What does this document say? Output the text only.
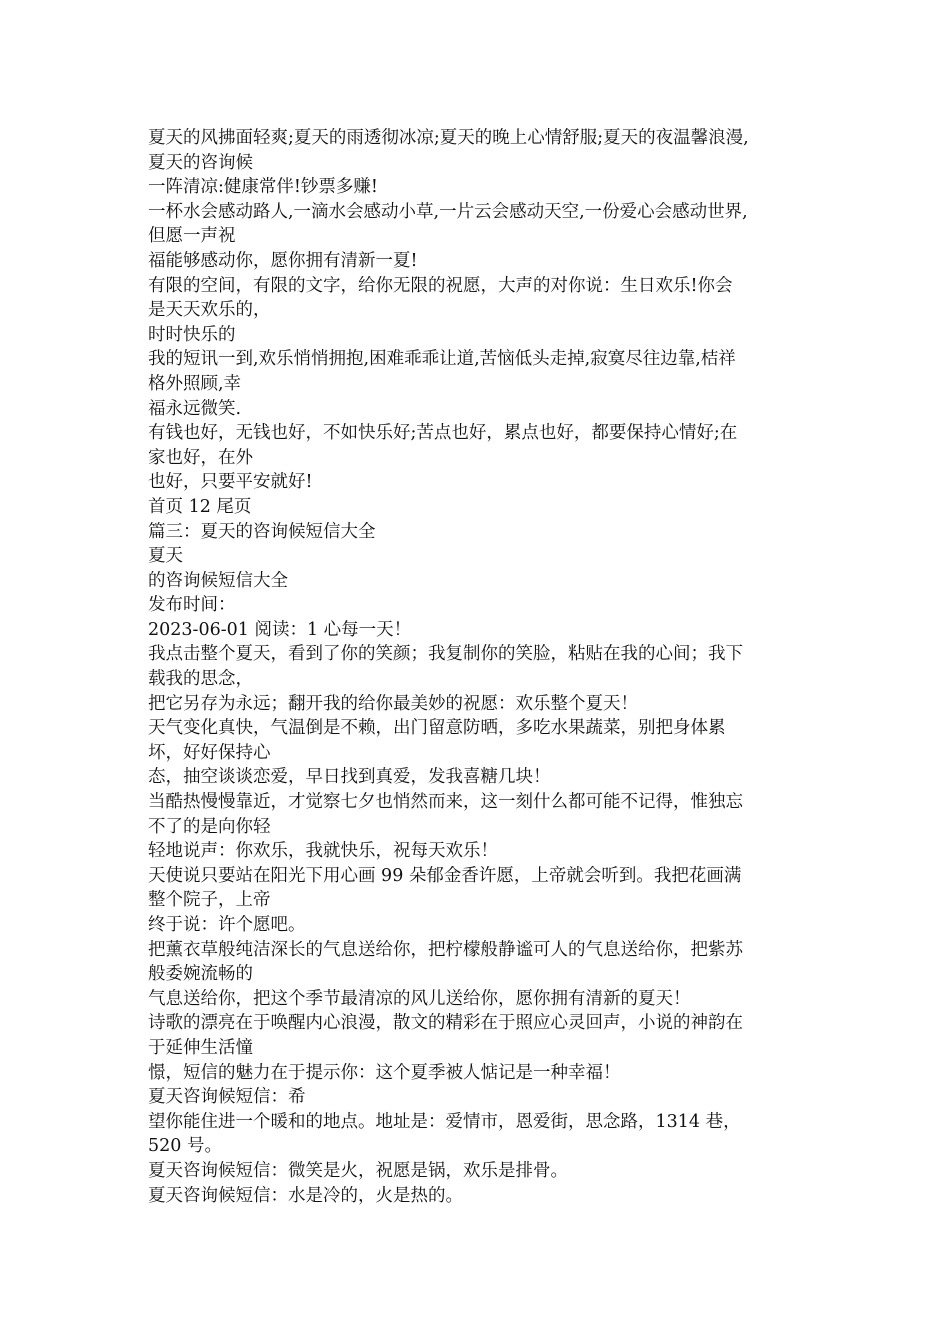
夏天的风拂面轻爽;夏天的雨透彻冰凉;夏天的晚上心情舒服;夏天的夜温馨浪漫,
夏天的咨询候
一阵清凉:健康常伴!钞票多赚!
一杯水会感动路人,一滴水会感动小草,一片云会感动天空,一份爱心会感动世界,
但愿一声祝
福能够感动你，愿你拥有清新一夏!
有限的空间，有限的文字，给你无限的祝愿，大声的对你说：生日欢乐!你会
是天天欢乐的，
时时快乐的
我的短讯一到,欢乐悄悄拥抱,困难乖乖让道,苦恼低头走掉,寂寞尽往边靠,桔祥
格外照顾,幸
福永远微笑.
有钱也好，无钱也好，不如快乐好;苦点也好，累点也好，都要保持心情好;在
家也好，在外
也好，只要平安就好!
首页 12 尾页
篇三：夏天的咨询候短信大全
夏天
的咨询候短信大全
发布时间：
2023-06-01 阅读：1 心每一天！
我点击整个夏天，看到了你的笑颜；我复制你的笑脸，粘贴在我的心间；我下
载我的思念，
把它另存为永远；翻开我的给你最美妙的祝愿：欢乐整个夏天！
天气变化真快，气温倒是不赖，出门留意防晒，多吃水果蔬菜，别把身体累
坏，好好保持心
态，抽空谈谈恋爱，早日找到真爱，发我喜糖几块！
当酷热慢慢靠近，才觉察七夕也悄然而来，这一刻什么都可能不记得，惟独忘
不了的是向你轻
轻地说声：你欢乐，我就快乐，祝每天欢乐！
天使说只要站在阳光下用心画 99 朵郁金香许愿，上帝就会听到。我把花画满
整个院子，上帝
终于说：许个愿吧。
把薰衣草般纯洁深长的气息送给你，把柠檬般静谧可人的气息送给你，把紫苏
般委婉流畅的
气息送给你，把这个季节最清凉的风儿送给你，愿你拥有清新的夏天！
诗歌的漂亮在于唤醒内心浪漫，散文的精彩在于照应心灵回声，小说的神韵在
于延伸生活憧
憬，短信的魅力在于提示你：这个夏季被人惦记是一种幸福！
夏天咨询候短信：希
望你能住进一个暖和的地点。地址是：爱情市，恩爱街，思念路，1314 巷，
520 号。
夏天咨询候短信：微笑是火，祝愿是锅，欢乐是排骨。
夏天咨询候短信：水是冷的，火是热的。
